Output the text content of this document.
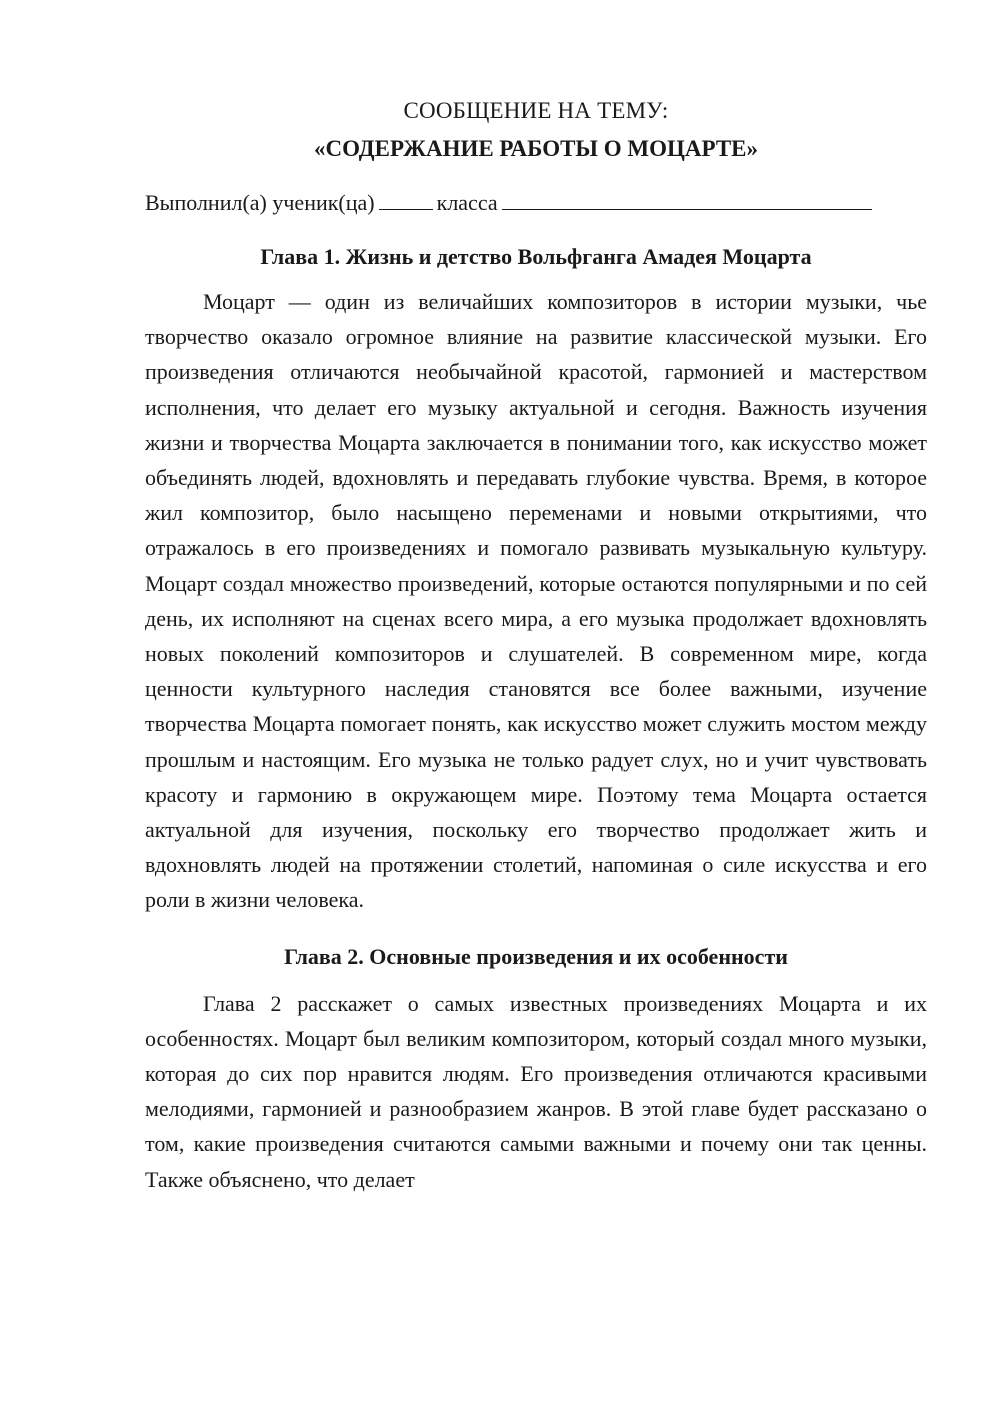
СООБЩЕНИЕ НА ТЕМУ:

«СОДЕРЖАНИЕ РАБОТЫ О МОЦАРТЕ»

Выполнил(а) ученик(ца)	класса
Глава 1. Жизнь и детство Вольфганга Амадея Моцарта

Моцарт — один из величайших композиторов в истории музыки, чье творчество оказало огромное влияние на развитие классической музыки. Его произведения отличаются необычайной красотой, гармонией и мастерством исполнения, что делает его музыку актуальной и сегодня. Важность изучения жизни и творчества Моцарта заключается в понимании того, как искусство может объединять людей, вдохновлять и передавать глубокие чувства. Время, в которое жил композитор, было насыщено переменами и новыми открытиями, что отражалось в его произведениях и помогало развивать музыкальную культуру. Моцарт создал множество произведений, которые остаются популярными и по сей день, их исполняют на сценах всего мира, а его музыка продолжает вдохновлять новых поколений композиторов и слушателей. В современном мире, когда ценности культурного наследия становятся все более важными, изучение творчества Моцарта помогает понять, как искусство может служить мостом между прошлым и настоящим. Его музыка не только радует слух, но и учит чувствовать красоту и гармонию в окружающем мире. Поэтому тема Моцарта остается актуальной для изучения, поскольку его творчество продолжает жить и вдохновлять людей на протяжении столетий, напоминая о силе искусства и его роли в жизни человека.

Глава 2. Основные произведения и их особенности

Глава 2 расскажет о самых известных произведениях Моцарта и их особенностях. Моцарт был великим композитором, который создал много музыки, которая до сих пор нравится людям. Его произведения отличаются красивыми мелодиями, гармонией и разнообразием жанров. В этой главе будет рассказано о том, какие произведения считаются самыми важными и почему они так ценны. Также объяснено, что делает
